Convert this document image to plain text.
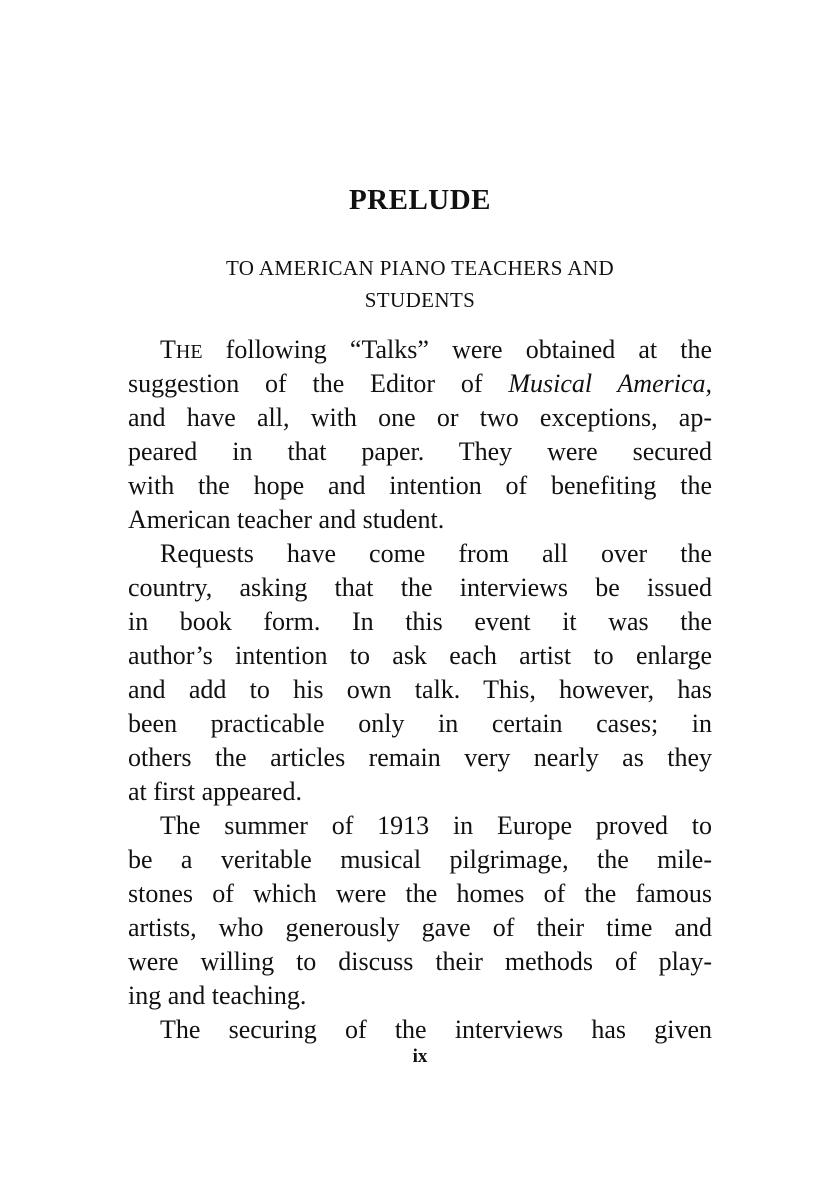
PRELUDE
TO AMERICAN PIANO TEACHERS AND
STUDENTS
THE following “Talks” were obtained at the
suggestion of the Editor of Musical America,
and have all, with one or two exceptions, ap-
peared in that paper. They were secured
with the hope and intention of benefiting the
American teacher and student.
Requests have come from all over the
country, asking that the interviews be issued
in book form. In this event it was the
author’s intention to ask each artist to enlarge
and add to his own talk. This, however, has
been practicable only in certain cases; in
others the articles remain very nearly as they
at first appeared.
The summer of 1913 in Europe proved to
be a veritable musical pilgrimage, the mile-
stones of which were the homes of the famous
artists, who generously gave of their time and
were willing to discuss their methods of play-
ing and teaching.
The securing of the interviews has given
ix
